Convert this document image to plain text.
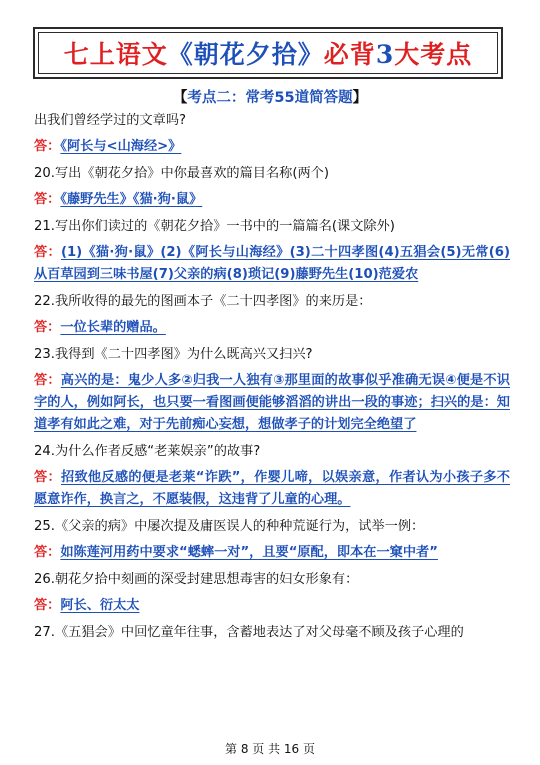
七上语文《朝花夕拾》必背3大考点
【考点二：常考55道简答题】

出我们曾经学过的文章吗?

答：《阿长与<山海经>》

20.写出《朝花夕拾》中你最喜欢的篇目名称(两个)

答：《藤野先生》《猫·狗·鼠》

21.写出你们读过的《朝花夕拾》一书中的一篇篇名(课文除外)

答：(1)《猫·狗·鼠》(2)《阿长与山海经》(3)二十四孝图(4)五猖会(5)无常(6)从百草园到三味书屋(7)父亲的病(8)琐记(9)藤野先生(10)范爱农

22.我所收得的最先的图画本子《二十四孝图》的来历是：

答：一位长辈的赠品。

23.我得到《二十四孝图》为什么既高兴又扫兴?

答：高兴的是：鬼少人多②归我一人独有③那里面的故事似乎准确无误④便是不识字的人，例如阿长，也只要一看图画便能够滔滔的讲出一段的事迹；扫兴的是：知道孝有如此之难，对于先前痴心妄想，想做孝子的计划完全绝望了

24.为什么作者反感“老莱娱亲”的故事?

答：招致他反感的便是老莱“诈跌”，作婴儿啼，以娱亲意，作者认为小孩子多不愿意诈作，换言之，不愿装假，这违背了儿童的心理。

25.《父亲的病》中屡次提及庸医误人的种种荒诞行为，试举一例：

答：如陈莲河用药中要求“蟋蟀一对”，且要“原配，即本在一窠中者”

26.朝花夕拾中刻画的深受封建思想毒害的妇女形象有：

答：阿长、衍太太

27.《五猖会》中回忆童年往事，含蓄地表达了对父母毫不顾及孩子心理的

第 8 页 共 16 页
